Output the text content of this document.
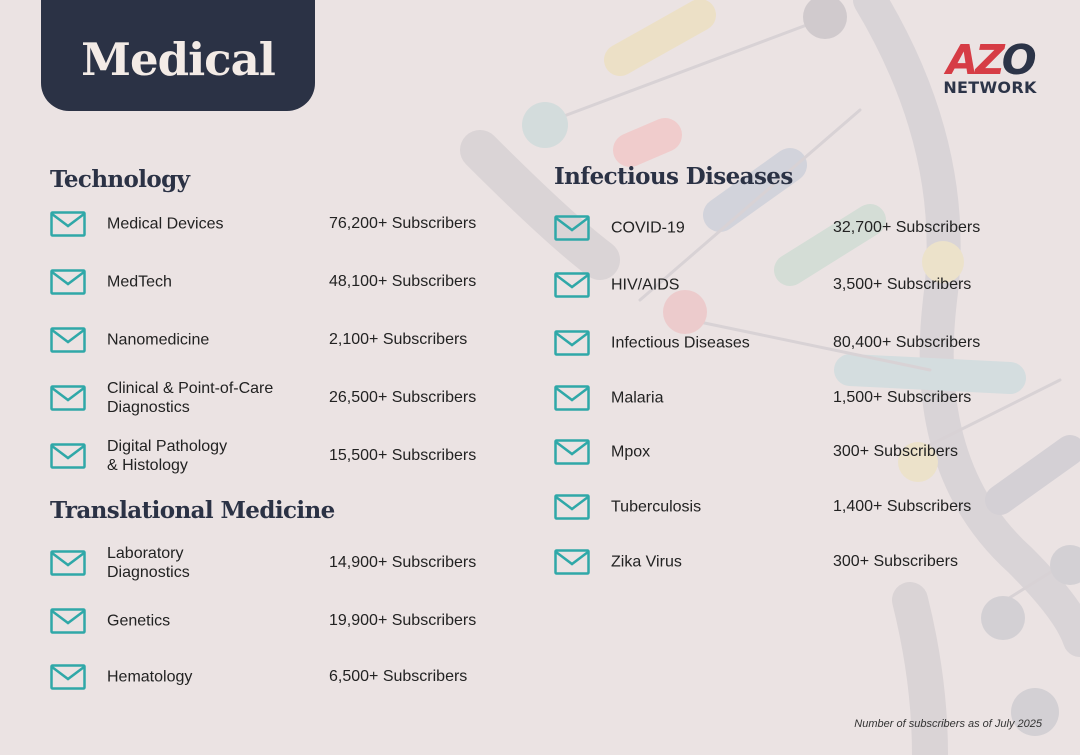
Medical	AZO
NETWORK
Technology
Medical Devices	76,200+ Subscribers
MedTech	48,100+ Subscribers
Nanomedicine	2,100+ Subscribers
Clinical & Point-of-Care
Diagnostics
26,500+ Subscribers
Digital Pathology
& Histology
15,500+ Subscribers
Translational Medicine
Laboratory
Diagnostics
14,900+ Subscribers
Genetics	19,900+ Subscribers
Hematology	6,500+ Subscribers
Infectious Diseases
COVID-19	32,700+ Subscribers
HIV/AIDS	3,500+ Subscribers
Infectious Diseases	80,400+ Subscribers
Malaria	1,500+ Subscribers
Mpox	300+ Subscribers
Tuberculosis	1,400+ Subscribers
Zika Virus	300+ Subscribers
Number of subscribers as of July 2025
